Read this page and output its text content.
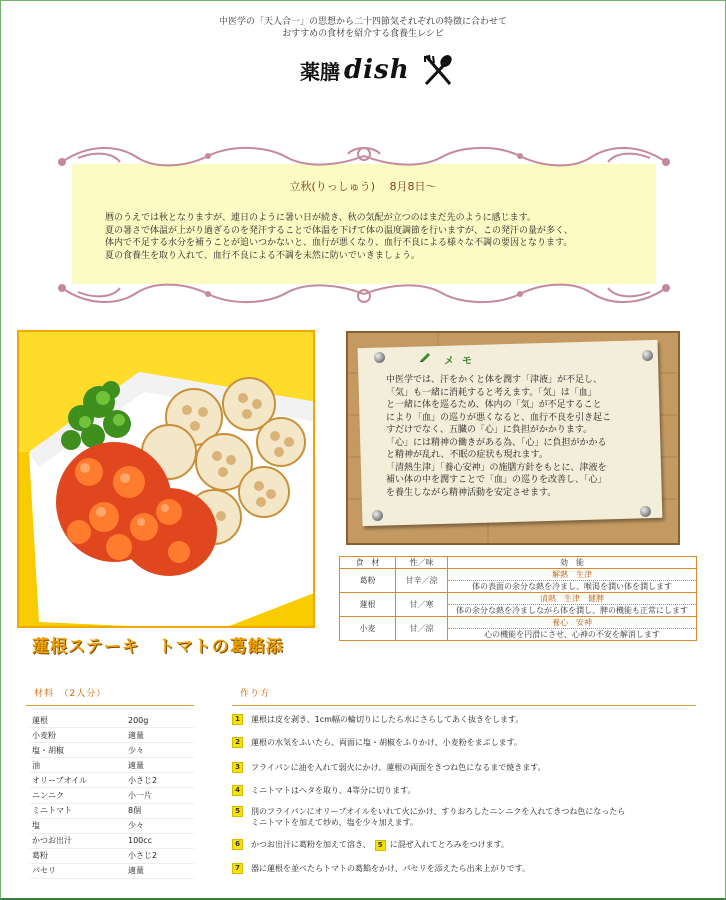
中医学の「天人合一」の思想から二十四節気それぞれの特徴に合わせて
おすすめの食材を紹介する食養生レシピ
薬膳 dish
立秋(りっしゅう)　 8月8日～

暦のうえでは秋となりますが、連日のように暑い日が続き、秋の気配が立つのはまだ先のように感じます。

夏の暑さで体温が上がり過ぎるのを発汗することで体温を下げて体の温度調節を行いますが、この発汗の量が多く、

体内で不足する水分を補うことが追いつかないと、血行が悪くなり、血行不良による様々な不調の要因となります。

夏の食養生を取り入れて、血行不良による不調を未然に防いでいきましょう。

蓮根ステーキ　トマトの葛餡添
メモ

中医学では、汗をかくと体を潤す「津液」が不足し、

「気」も一緒に消耗すると考えます。「気」は「血」

と一緒に体を巡るため、体内の「気」が不足すること

により「血」の巡りが悪くなると、血行不良を引き起こ

すだけでなく、五臓の「心」に負担がかかります。

「心」には精神の働きがある為、「心」に負担がかかる

と精神が乱れ、不眠の症状も現れます。

「清熱生津」「養心安神」の施膳方針をもとに、津液を

補い体の中を潤すことで「血」の巡りを改善し、「心」

を養生しながら精神活動を安定させます。

食　材	性／味	効　能
葛粉	甘辛／涼	解熱　生津
		体の表面の余分な熱を冷まし、喉渇を潤い体を潤します
蓮根	甘／寒	清熱　生津　健脾
		体の余分な熱を冷ましながら体を潤し、脾の機能も正常にします
小麦	甘／涼	養心　安神
		心の機能を円滑にさせ、心神の不安を解消します
材料　（2人分）
蓮根	200g
小麦粉	適量
塩・胡椒	少々
油	適量
オリーブオイル	小さじ2
ニンニク	小一片
ミニトマト	8個
塩	少々
かつお出汁	100cc
葛粉	小さじ2
パセリ	適量
作り方
1	蓮根は皮を剥き、1cm幅の輪切りにしたら水にさらしてあく抜きをします。
2	蓮根の水気をふいたら、両面に塩・胡椒をふりかけ、小麦粉をまぶします。
3	フライパンに油を入れて弱火にかけ、蓮根の両面をきつね色になるまで焼きます。
4	ミニトマトはヘタを取り、4等分に切ります。
5	別のフライパンにオリーブオイルをいれて火にかけ、すりおろしたニンニクを入れてきつね色になったら
ミニトマトを加えて炒め、塩を少々加えます。
6	かつお出汁に葛粉を加えて溶き、 5 に混ぜ入れてとろみをつけます。
7	器に蓮根を並べたらトマトの葛餡をかけ、パセリを添えたら出来上がりです。
